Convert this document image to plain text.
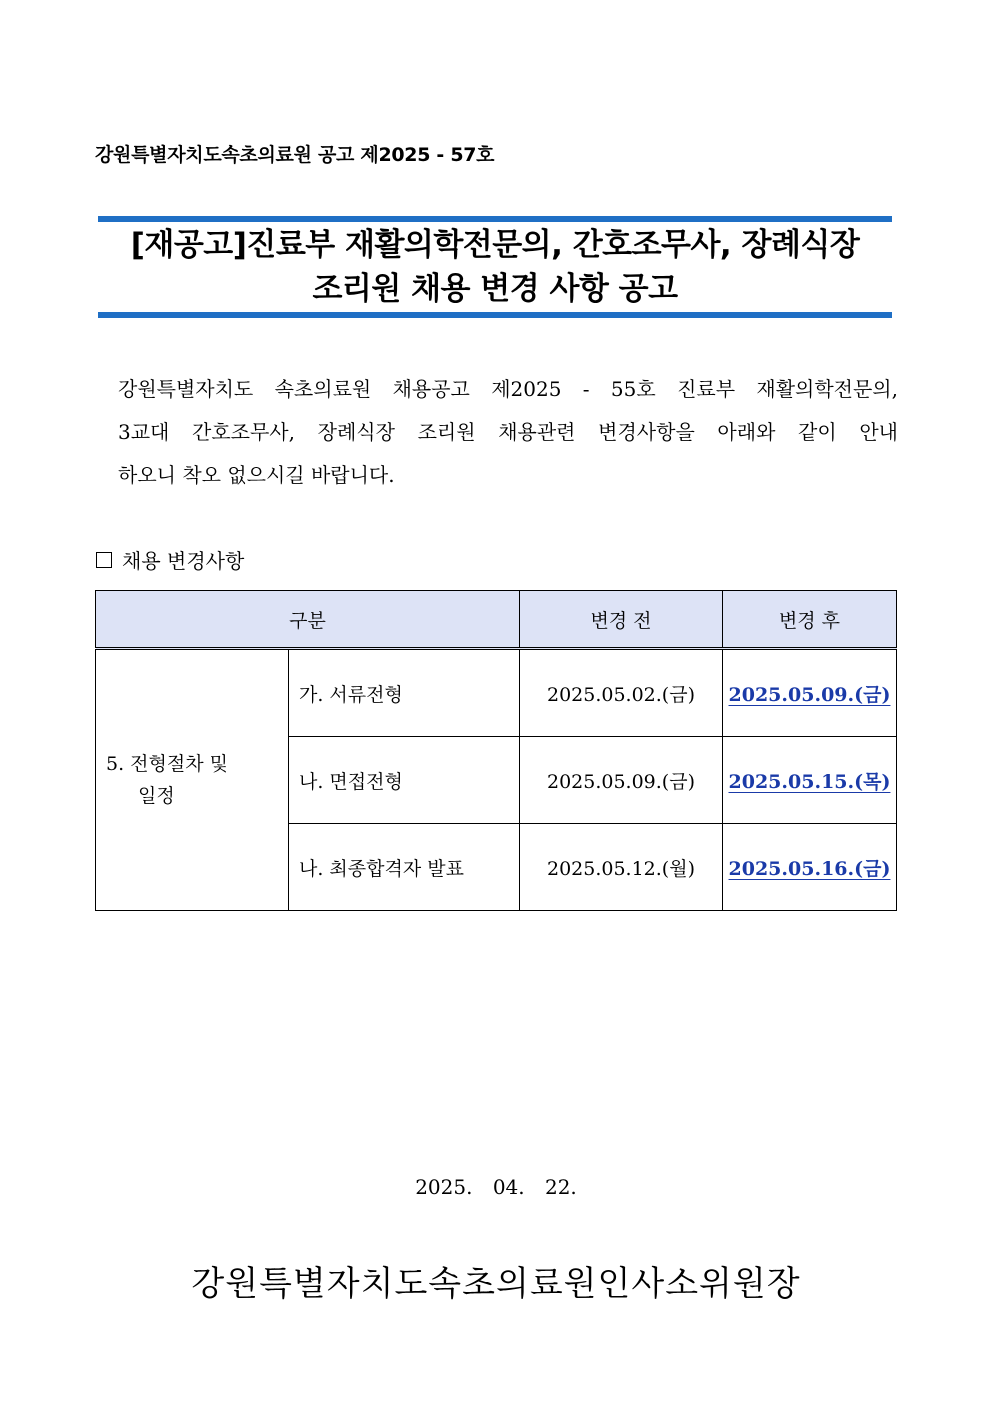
강원특별자치도속초의료원 공고 제2025 - 57호
[재공고]진료부 재활의학전문의, 간호조무사, 장례식장
조리원 채용 변경 사항 공고
강원특별자치도 속초의료원 채용공고 제2025 - 55호 진료부 재활의학전문의,
3교대 간호조무사, 장례식장 조리원 채용관련 변경사항을 아래와 같이 안내
하오니 착오 없으시길 바랍니다.
채용 변경사항
구분		변경 전	변경 후

5. 전형절차 및
일정	가. 서류전형	2025.05.02.(금)	2025.05.09.(금)
	나. 면접전형	2025.05.09.(금)	2025.05.15.(목)
	나. 최종합격자 발표	2025.05.12.(월)	2025.05.16.(금)
2025. 04. 22.
강원특별자치도속초의료원인사소위원장
